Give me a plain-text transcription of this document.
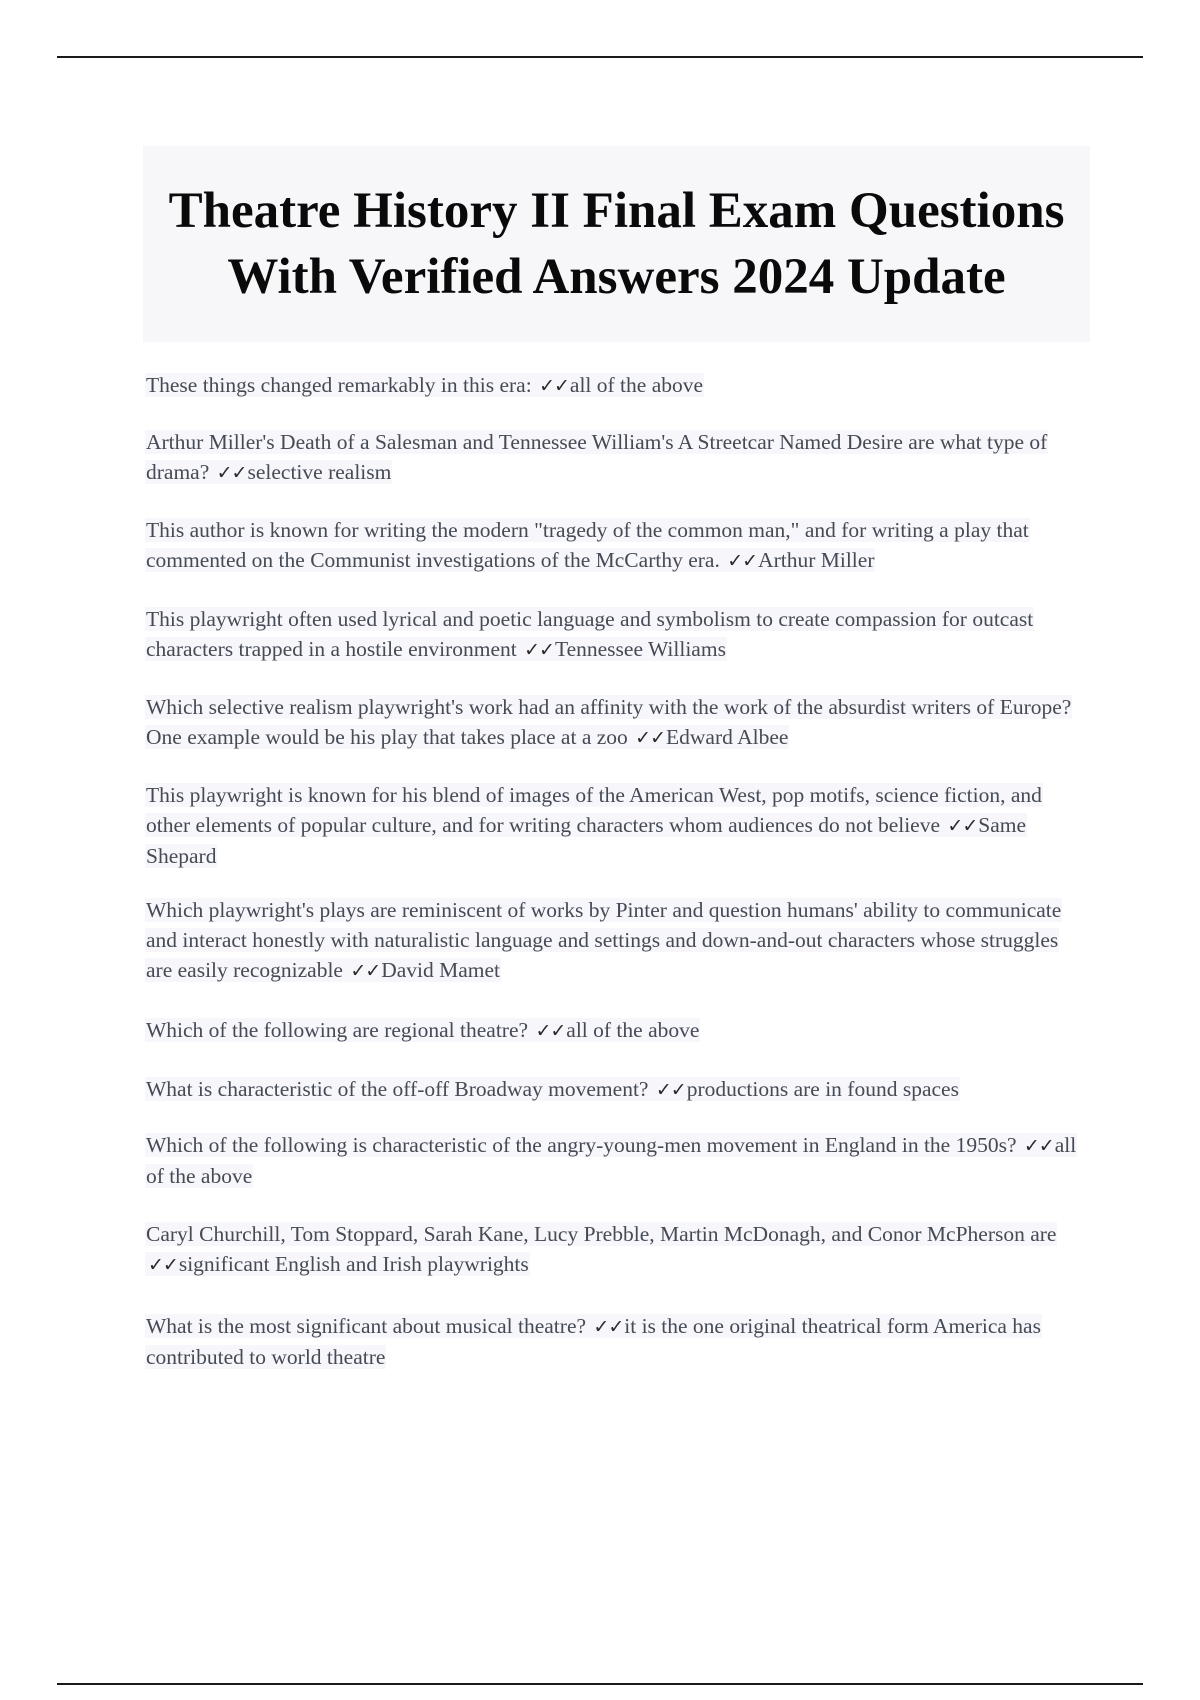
Theatre History II Final Exam Questions With Verified Answers 2024 Update

These things changed remarkably in this era: ✓✓all of the above

Arthur Miller's Death of a Salesman and Tennessee William's A Streetcar Named Desire are what type of drama? ✓✓selective realism

This author is known for writing the modern "tragedy of the common man," and for writing a play that commented on the Communist investigations of the McCarthy era. ✓✓Arthur Miller

This playwright often used lyrical and poetic language and symbolism to create compassion for outcast characters trapped in a hostile environment ✓✓Tennessee Williams

Which selective realism playwright's work had an affinity with the work of the absurdist writers of Europe? One example would be his play that takes place at a zoo ✓✓Edward Albee

This playwright is known for his blend of images of the American West, pop motifs, science fiction, and other elements of popular culture, and for writing characters whom audiences do not believe ✓✓Same Shepard

Which playwright's plays are reminiscent of works by Pinter and question humans' ability to communicate and interact honestly with naturalistic language and settings and down-and-out characters whose struggles are easily recognizable ✓✓David Mamet

Which of the following are regional theatre? ✓✓all of the above

What is characteristic of the off-off Broadway movement? ✓✓productions are in found spaces

Which of the following is characteristic of the angry-young-men movement in England in the 1950s? ✓✓all of the above

Caryl Churchill, Tom Stoppard, Sarah Kane, Lucy Prebble, Martin McDonagh, and Conor McPherson are ✓✓significant English and Irish playwrights

What is the most significant about musical theatre? ✓✓it is the one original theatrical form America has contributed to world theatre
